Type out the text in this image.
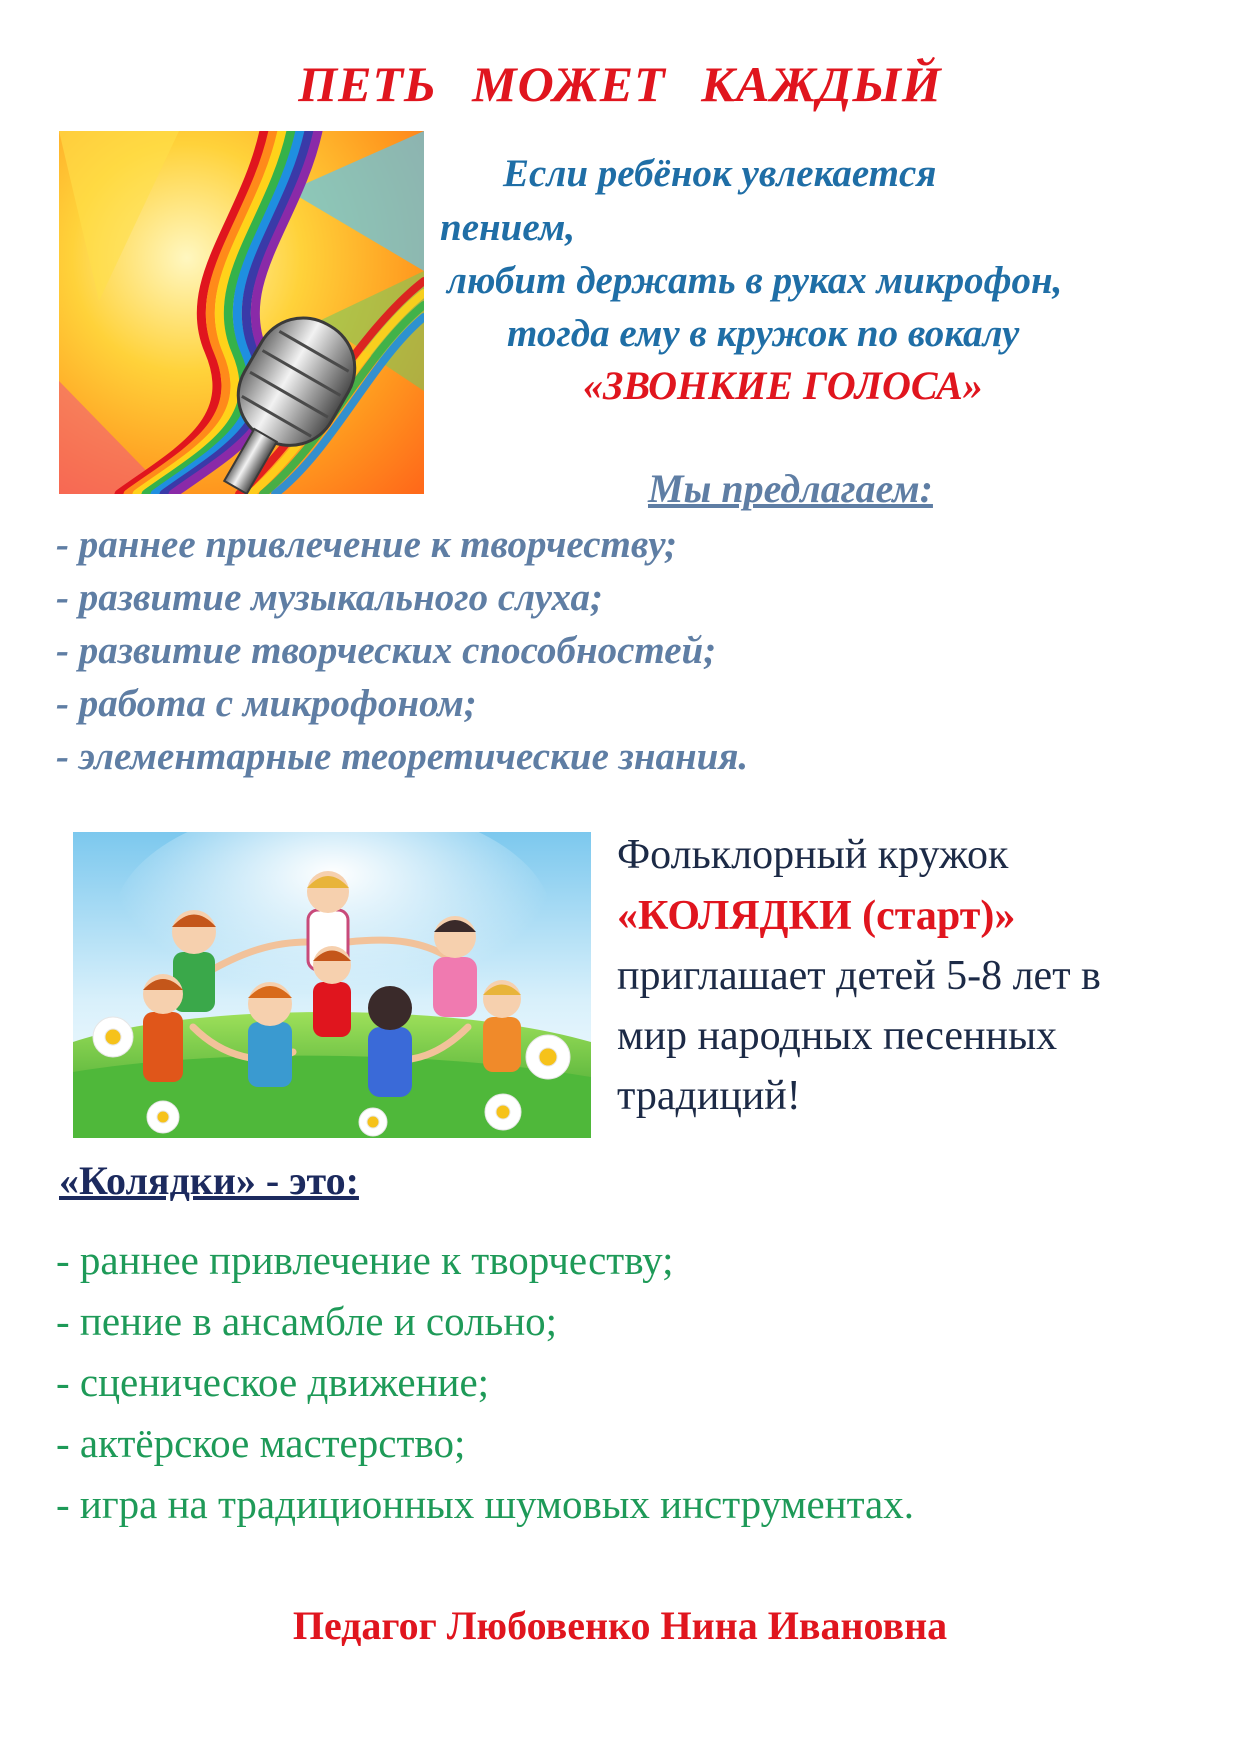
ПЕТЬ МОЖЕТ КАЖДЫЙ
Если ребёнок увлекается
пением,
любит держать в руках микрофон,
тогда ему в кружок по вокалу
«ЗВОНКИЕ ГОЛОСА»
Мы предлагаем:
- раннее привлечение к творчеству;
- развитие музыкального слуха;
- развитие творческих способностей;
- работа с микрофоном;
- элементарные теоретические знания.
Фольклорный кружок
«КОЛЯДКИ (старт)»
приглашает детей 5-8 лет в
мир народных песенных
традиций!
«Колядки» - это:
- раннее привлечение к творчеству;
- пение в ансамбле и сольно;
- сценическое движение;
- актёрское мастерство;
- игра на традиционных шумовых инструментах.
Педагог Любовенко Нина Ивановна
